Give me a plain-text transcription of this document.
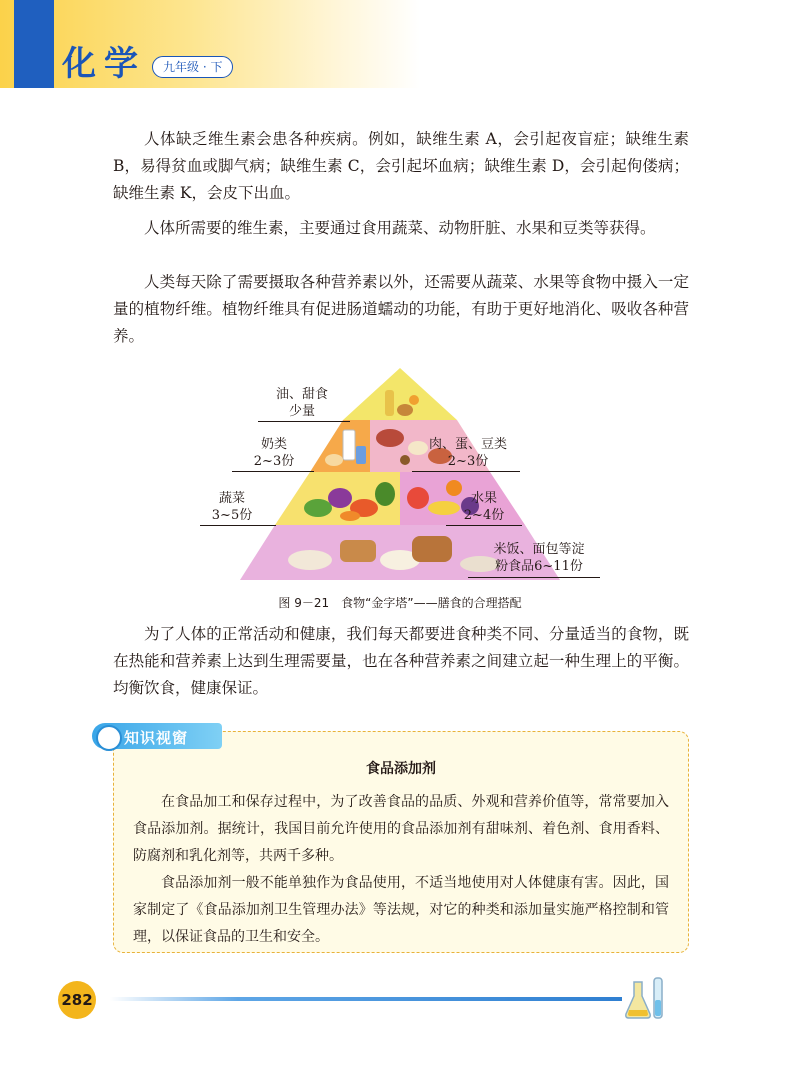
化学	九年级 · 下

人体缺乏维生素会患各种疾病。例如，缺维生素 A，会引起夜盲症；缺维生素 B，易得贫血或脚气病；缺维生素 C，会引起坏血病；缺维生素 D，会引起佝偻病；缺维生素 K，会皮下出血。

人体所需要的维生素，主要通过食用蔬菜、动物肝脏、水果和豆类等获得。

人类每天除了需要摄取各种营养素以外，还需要从蔬菜、水果等食物中摄入一定量的植物纤维。植物纤维具有促进肠道蠕动的功能，有助于更好地消化、吸收各种营养。

油、甜食
少量
奶类
2~3份
肉、蛋、豆类
2~3份
蔬菜
3~5份
水果
2~4份
米饭、面包等淀
粉食品6~11份
图 9－21　食物“金字塔”——膳食的合理搭配

为了人体的正常活动和健康，我们每天都要进食种类不同、分量适当的食物，既在热能和营养素上达到生理需要量，也在各种营养素之间建立起一种生理上的平衡。均衡饮食，健康保证。

知识视窗
食品添加剂

在食品加工和保存过程中，为了改善食品的品质、外观和营养价值等，常常要加入食品添加剂。据统计，我国目前允许使用的食品添加剂有甜味剂、着色剂、食用香料、防腐剂和乳化剂等，共两千多种。

食品添加剂一般不能单独作为食品使用，不适当地使用对人体健康有害。因此，国家制定了《食品添加剂卫生管理办法》等法规，对它的种类和添加量实施严格控制和管理，以保证食品的卫生和安全。

282
